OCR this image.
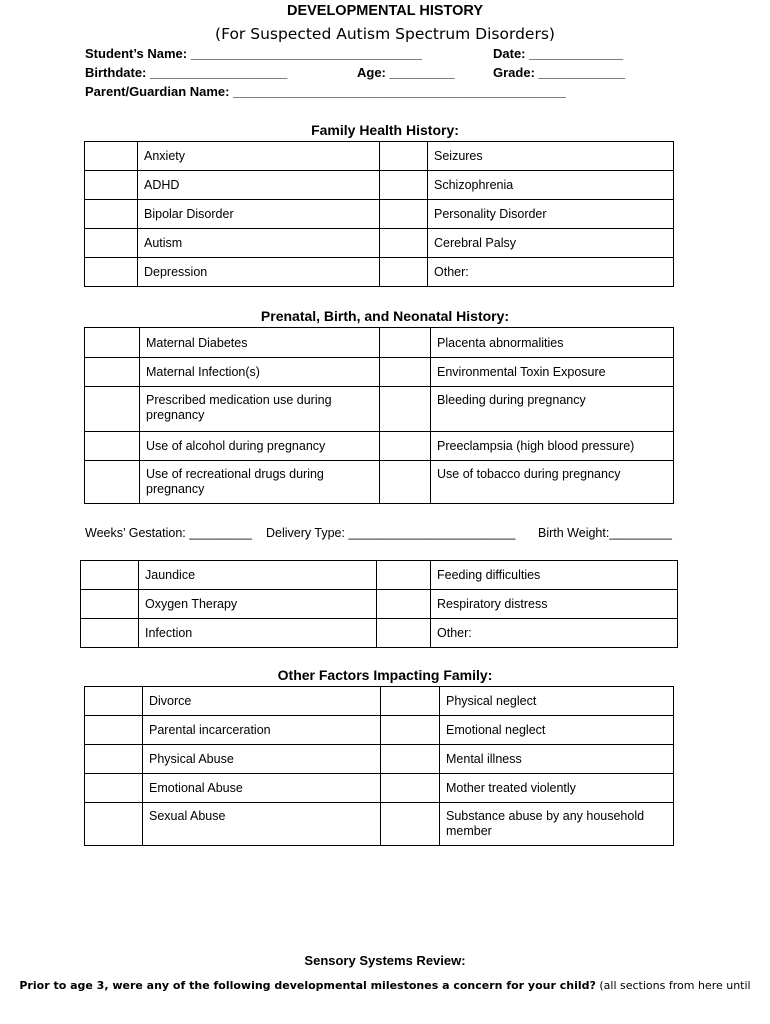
DEVELOPMENTAL HISTORY
(For Suspected Autism Spectrum Disorders)
Student’s Name: ________________________________	Date: _____________
Birthdate: ___________________	Age: _________	Grade: ____________
Parent/Guardian Name: ______________________________________________
Family Health History:
	Anxiety		Seizures
	ADHD		Schizophrenia
	Bipolar Disorder		Personality Disorder
	Autism		Cerebral Palsy
	Depression		Other:
Prenatal, Birth, and Neonatal History:
	Maternal Diabetes		Placenta abnormalities
	Maternal Infection(s)		Environmental Toxin Exposure
	Prescribed medication use during pregnancy		Bleeding during pregnancy
	Use of alcohol during pregnancy		Preeclampsia (high blood pressure)
	Use of recreational drugs during pregnancy		Use of tobacco during pregnancy
Weeks’ Gestation: _________ Delivery Type: ________________________ Birth Weight:_________
	Jaundice		Feeding difficulties
	Oxygen Therapy		Respiratory distress
	Infection		Other:
Other Factors Impacting Family:
	Divorce		Physical neglect
	Parental incarceration		Emotional neglect
	Physical Abuse		Mental illness
	Emotional Abuse		Mother treated violently
	Sexual Abuse		Substance abuse by any household member
Sensory Systems Review:
Prior to age 3, were any of the following developmental milestones a concern for your child? (all sections from here until
